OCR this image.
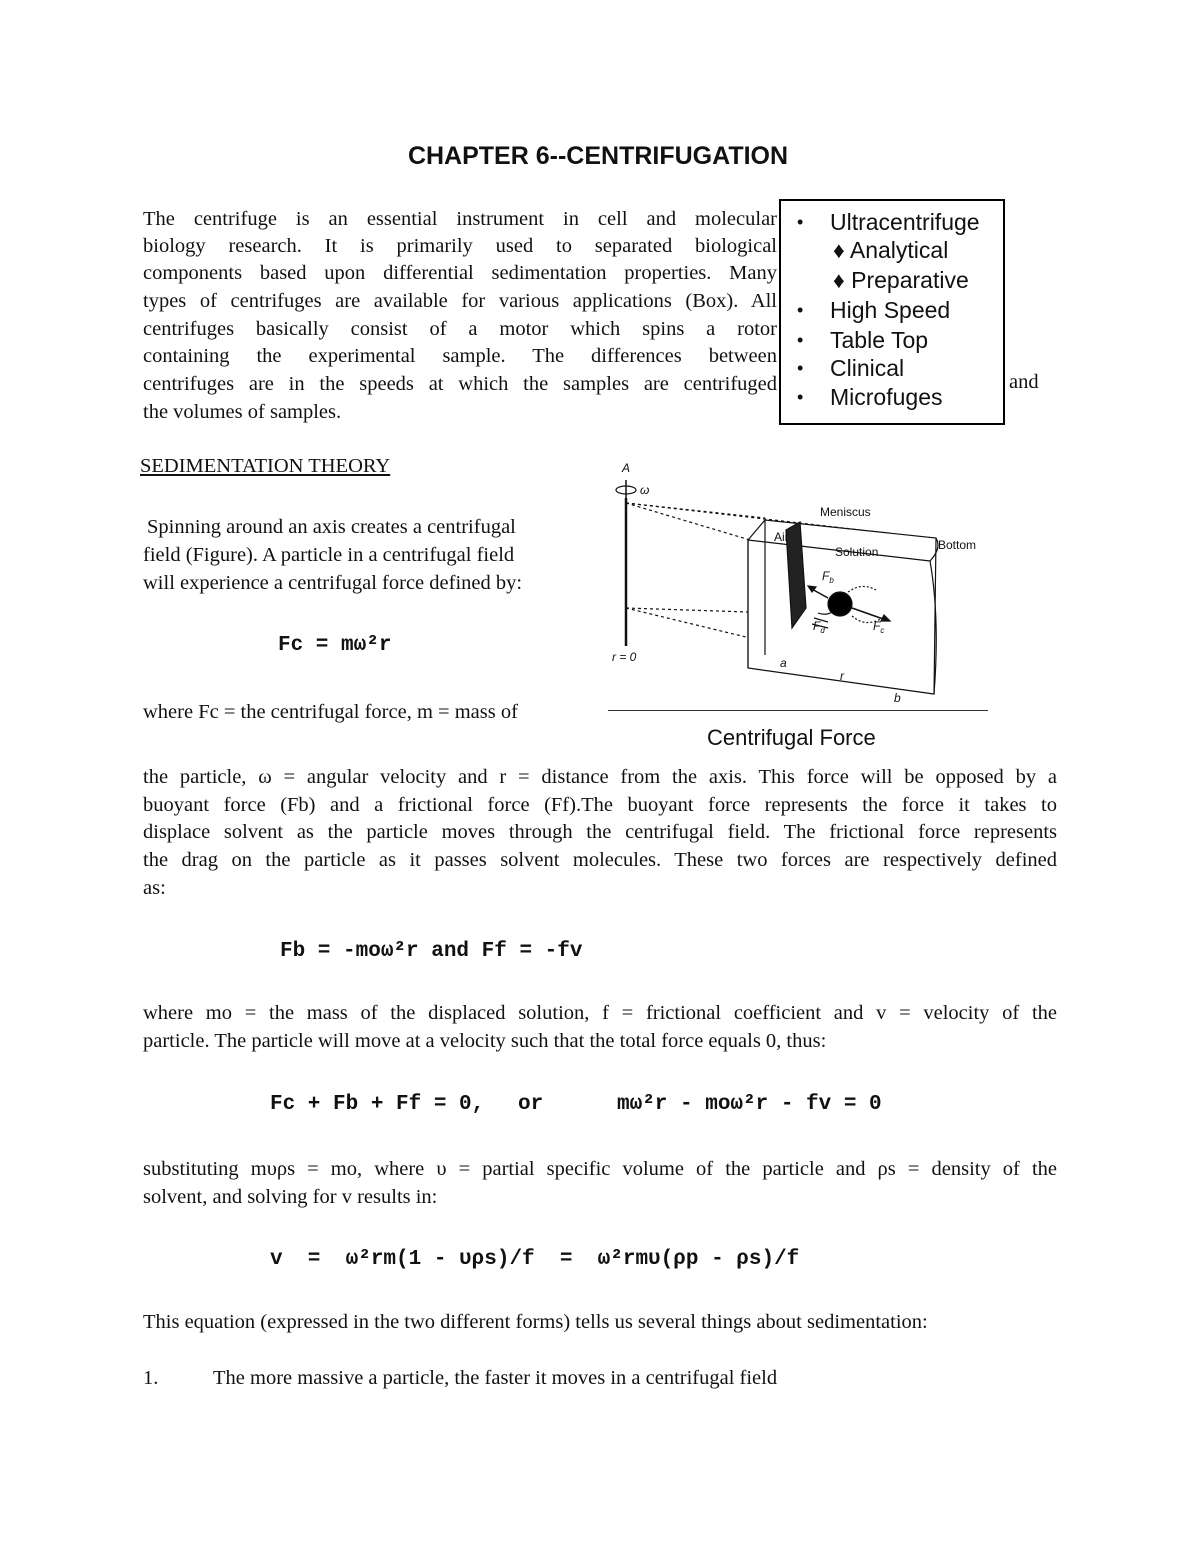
CHAPTER 6--CENTRIFUGATION
The centrifuge is an essential instrument in cell and molecular
biology research. It is primarily used to separated biological
components based upon differential sedimentation properties. Many
types of centrifuges are available for various applications (Box). All
centrifuges basically consist of a motor which spins a rotor
containing the experimental sample. The differences between
centrifuges are in the speeds at which the samples are centrifuged
the volumes of samples.
and
• Ultracentrifuge
♦ Analytical
♦ Preparative
• High Speed
• Table Top
• Clinical
• Microfuges
SEDIMENTATION THEORY
Spinning around an axis creates a centrifugal
field (Figure). A particle in a centrifugal field
will experience a centrifugal force defined by:
Fc = mω²r
where Fc = the centrifugal force, m = mass of
A
ω
r = 0
Meniscus
Air
Solution	Bottom
$F_b$
$F_d$	$F_c$
a
r
b
Centrifugal Force
the particle, ω = angular velocity and r = distance from the axis. This force will be opposed by a
buoyant force (Fb) and a frictional force (Ff).The buoyant force represents the force it takes to
displace solvent as the particle moves through the centrifugal field. The frictional force represents
the drag on the particle as it passes solvent molecules. These two forces are respectively defined
as:
Fb = -moω²r and Ff = -fv
where mo = the mass of the displaced solution, f = frictional coefficient and v = velocity of the
particle. The particle will move at a velocity such that the total force equals 0, thus:
Fc + Fb + Ff = 0, or	mω²r - moω²r - fv = 0
substituting mυρs = mo, where υ = partial specific volume of the particle and ρs = density of the
solvent, and solving for v results in:
v  =  ω²rm(1 - υρs)/f  =  ω²rmυ(ρp - ρs)/f
This equation (expressed in the two different forms) tells us several things about sedimentation:
1.	The more massive a particle, the faster it moves in a centrifugal field
